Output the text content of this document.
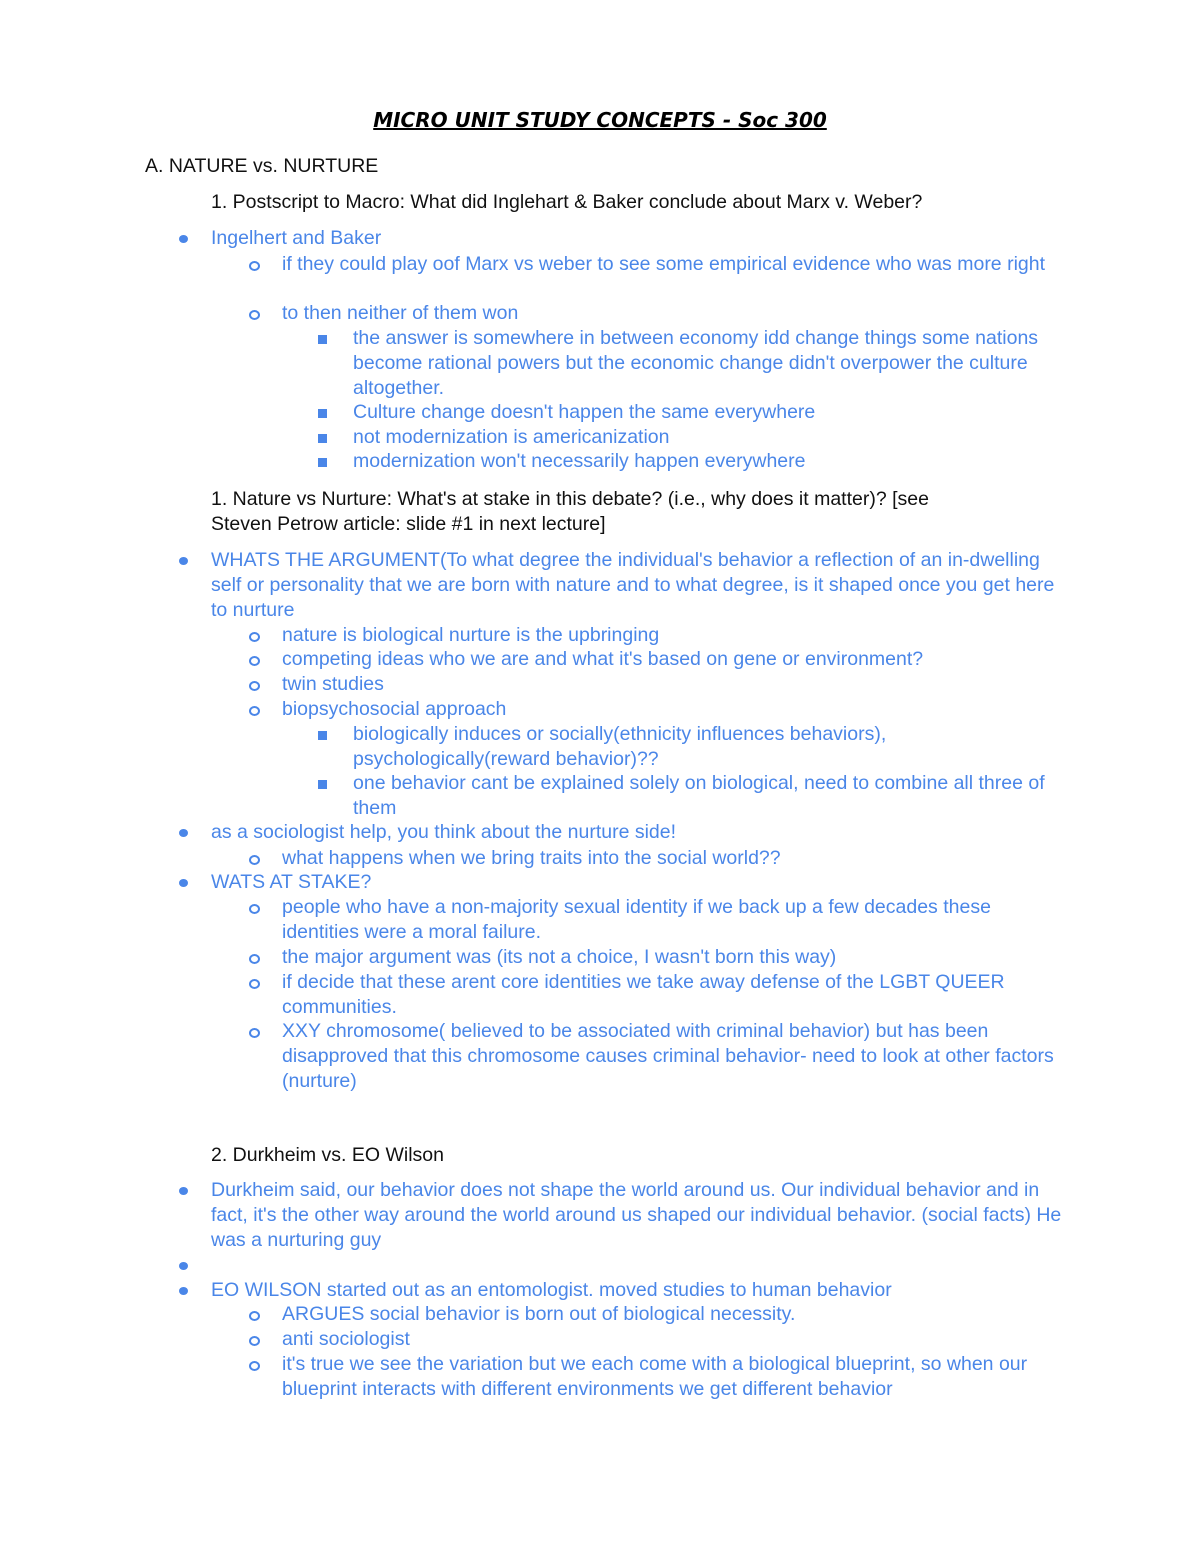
MICRO UNIT STUDY CONCEPTS - Soc 300
A. NATURE vs. NURTURE
1. Postscript to Macro: What did Inglehart & Baker conclude about Marx v. Weber?
Ingelhert and Baker
if they could play oof Marx vs weber to see some empirical evidence who was more right
to then neither of them won
the answer is somewhere in between economy idd change things some nations become rational powers but the economic change didn't overpower the culture altogether.
Culture change doesn't happen the same everywhere
not modernization is americanization
modernization won't necessarily happen everywhere
1. Nature vs Nurture: What's at stake in this debate? (i.e., why does it matter)? [see
Steven Petrow article: slide #1 in next lecture]
WHATS THE ARGUMENT(To what degree the individual's behavior a reflection of an in-dwelling self or personality that we are born with nature and to what degree, is it shaped once you get here to nurture
nature is biological nurture is the upbringing
competing ideas who we are and what it's based on gene or environment?
twin studies
biopsychosocial approach
biologically induces or socially(ethnicity influences behaviors), psychologically(reward behavior)??
one behavior cant be explained solely on biological, need to combine all three of them
as a sociologist help, you think about the nurture side!
what happens when we bring traits into the social world??
WATS AT STAKE?
people who have a non-majority sexual identity if we back up a few decades these identities were a moral failure.
the major argument was (its not a choice, I wasn't born this way)
if decide that these arent core identities we take away defense of the LGBT QUEER communities.
XXY chromosome( believed to be associated with criminal behavior) but has been disapproved that this chromosome causes criminal behavior- need to look at other factors (nurture)
2. Durkheim vs. EO Wilson
Durkheim said, our behavior does not shape the world around us. Our individual behavior and in fact, it's the other way around the world around us shaped our individual behavior. (social facts) He was a nurturing guy
EO WILSON started out as an entomologist. moved studies to human behavior
ARGUES social behavior is born out of biological necessity.
anti sociologist
it's true we see the variation but we each come with a biological blueprint, so when our blueprint interacts with different environments we get different behavior
